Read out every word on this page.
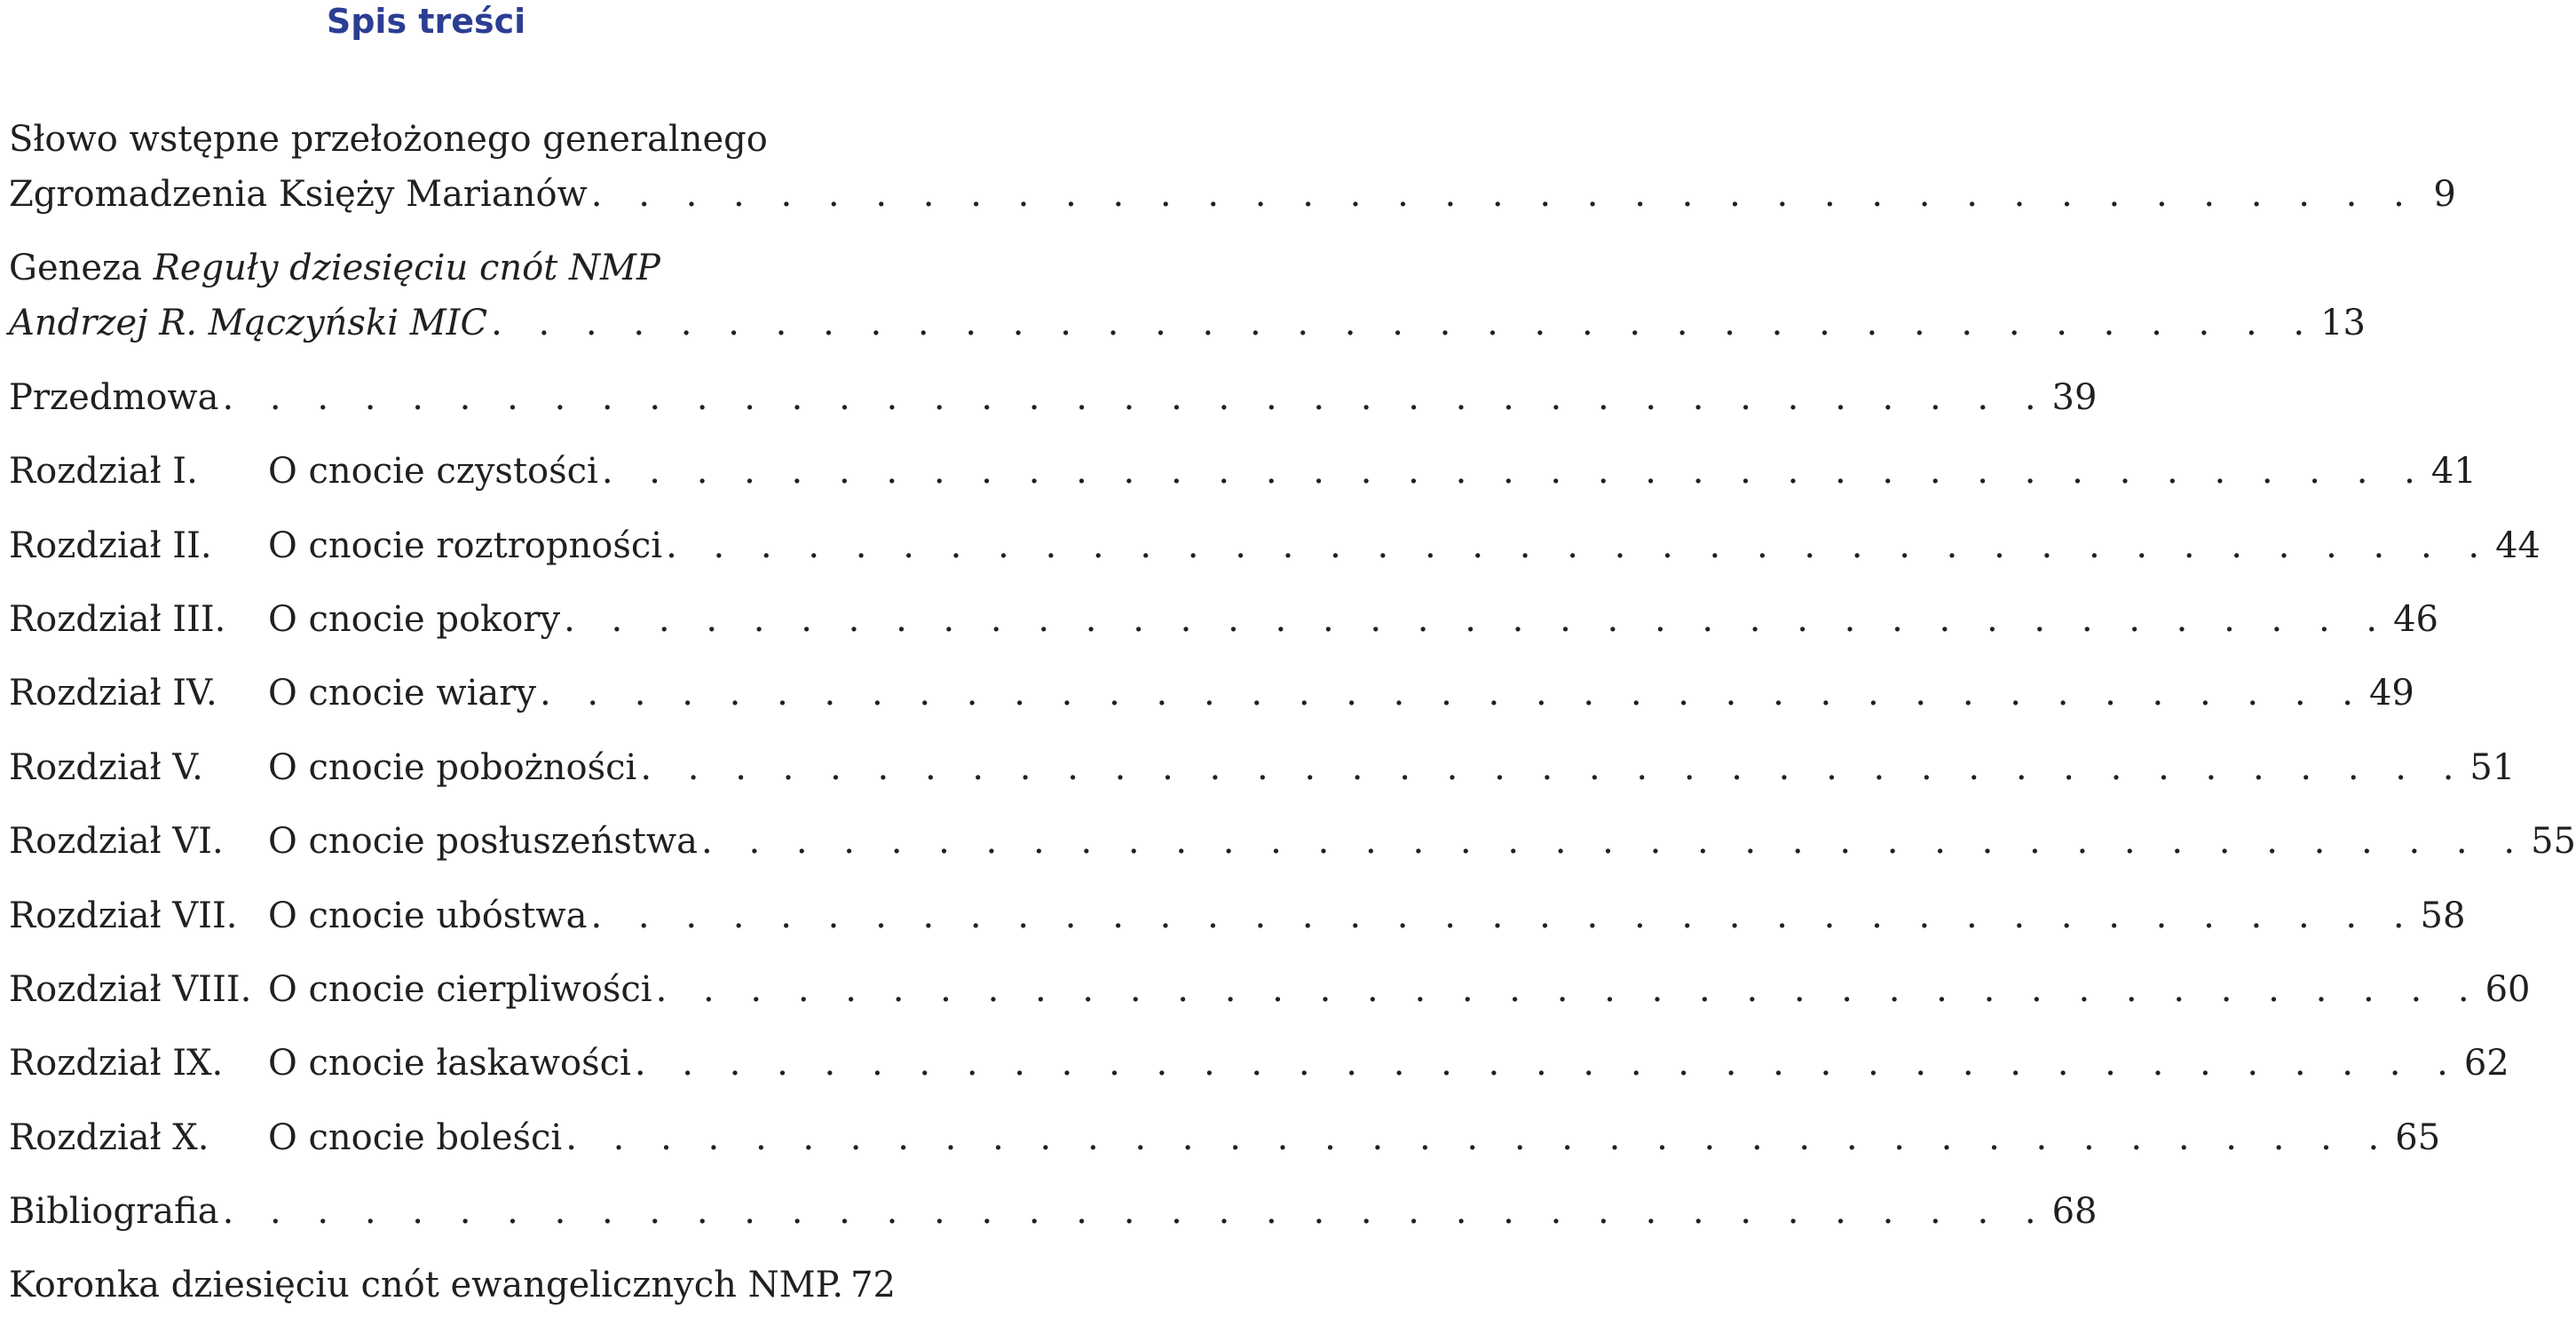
Spis treści
Słowo wstępne przełożonego generalnego
Zgromadzenia Księży Marianów . . .	9
Geneza Reguły dziesięciu cnót NMP
Andrzej R. Mączyński MIC . . .	13
Przedmowa . . .	39
Rozdział I.	O cnocie czystości . . .	41
Rozdział II.	O cnocie roztropności . . .	44
Rozdział III.	O cnocie pokory . . .	46
Rozdział IV.	O cnocie wiary . . .	49
Rozdział V.	O cnocie pobożności . . .	51
Rozdział VI.	O cnocie posłuszeństwa . . .	55
Rozdział VII. O cnocie ubóstwa . . .	58
Rozdział VIII. O cnocie cierpliwości . . .	60
Rozdział IX.	O cnocie łaskawości . . .	62
Rozdział X.	O cnocie boleści . . .	65
Bibliografia . . .	68
Koronka dziesięciu cnót ewangelicznych NMP. 72
